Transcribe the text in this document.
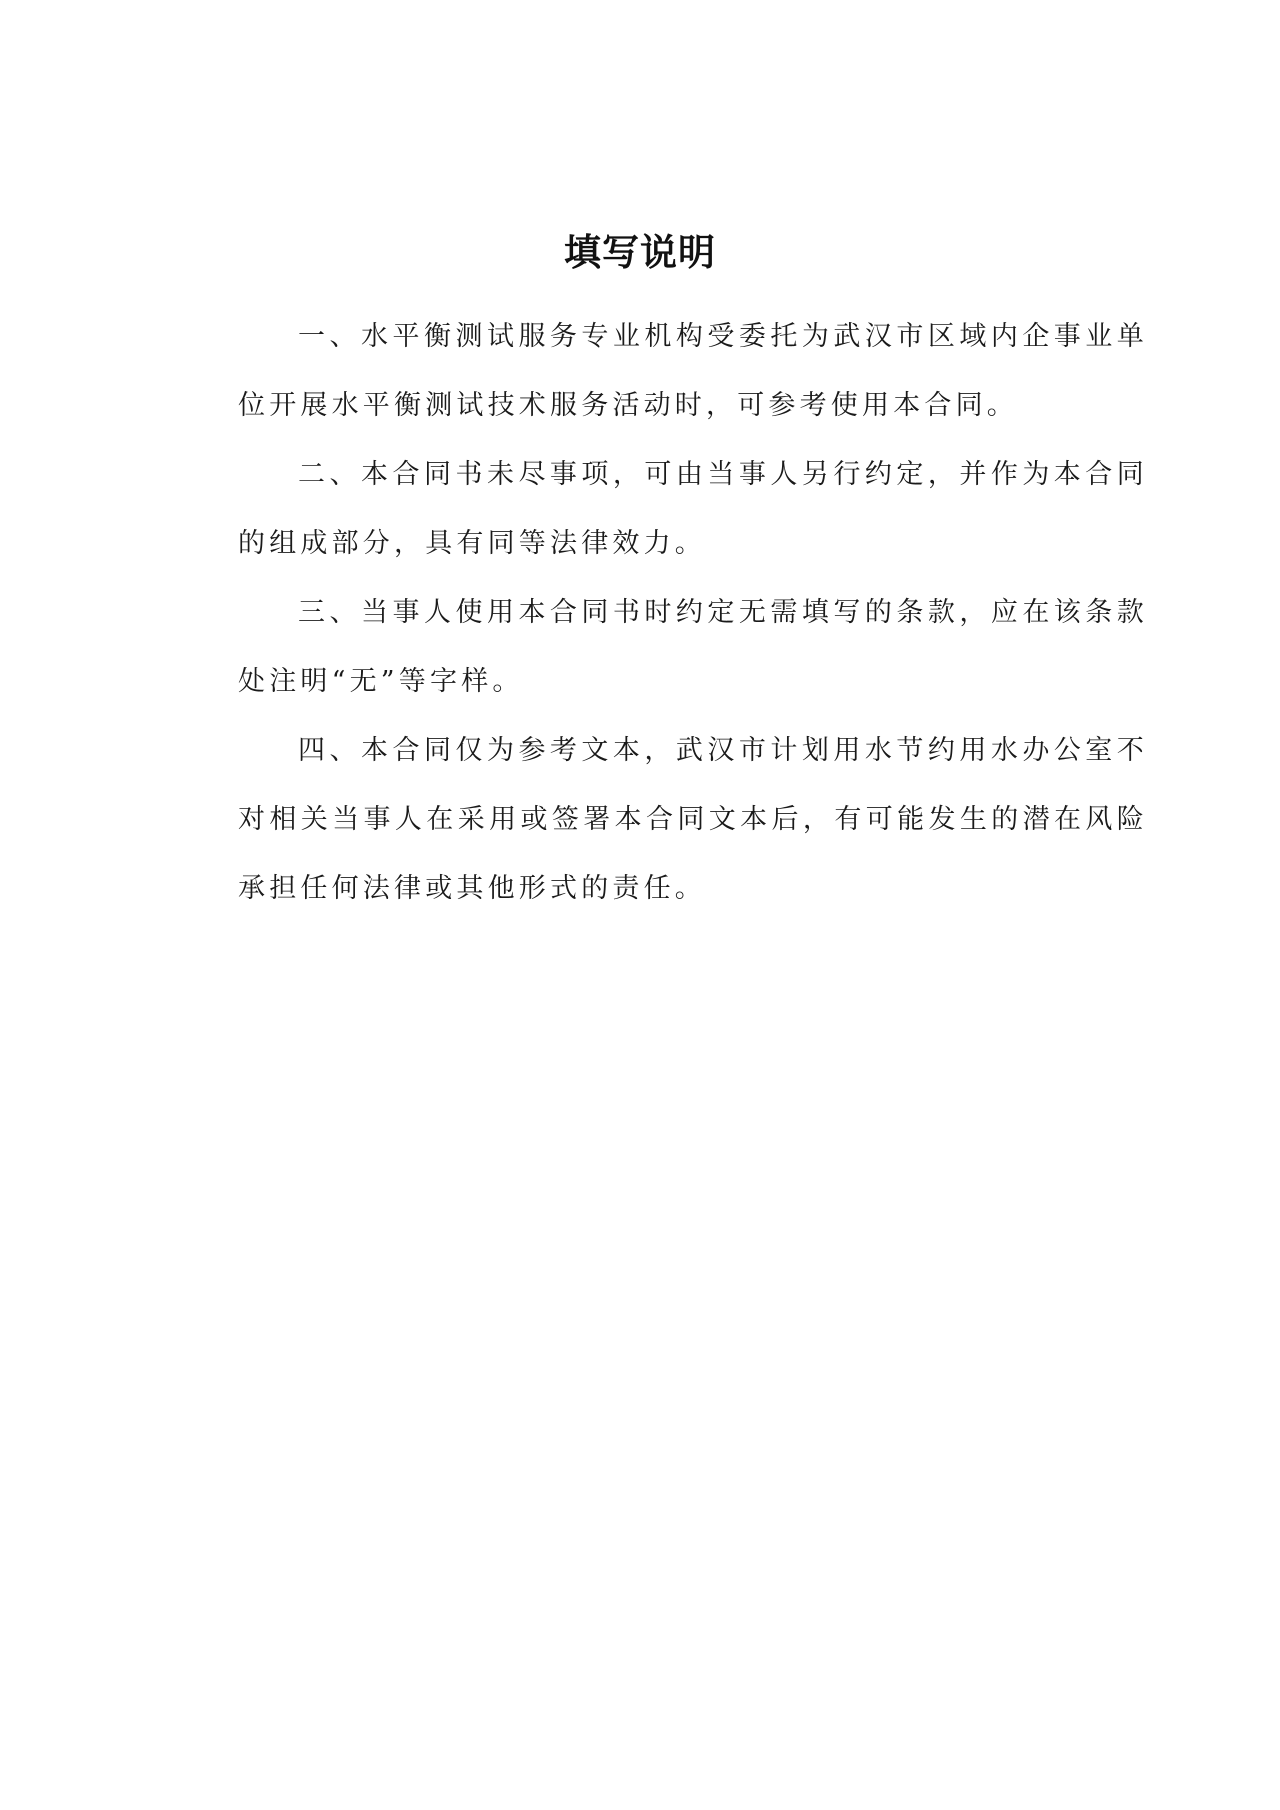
填写说明

一、水平衡测试服务专业机构受委托为武汉市区域内企事业单位开展水平衡测试技术服务活动时，可参考使用本合同。

二、本合同书未尽事项，可由当事人另行约定，并作为本合同的组成部分，具有同等法律效力。

三、当事人使用本合同书时约定无需填写的条款，应在该条款处注明“无”等字样。

四、本合同仅为参考文本，武汉市计划用水节约用水办公室不对相关当事人在采用或签署本合同文本后，有可能发生的潜在风险承担任何法律或其他形式的责任。
